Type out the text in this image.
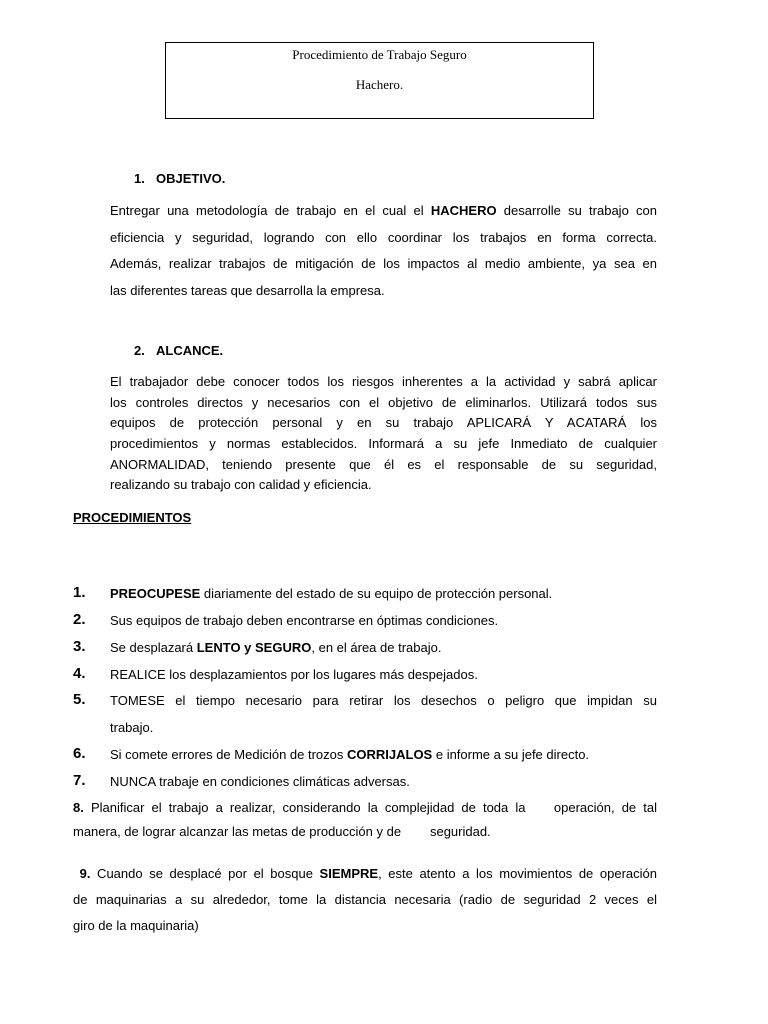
Procedimiento de Trabajo Seguro
Hachero.
1. OBJETIVO.
Entregar una metodología de trabajo en el cual el HACHERO desarrolle su trabajo con
eficiencia y seguridad, logrando con ello coordinar los trabajos en forma correcta.
Además, realizar trabajos de mitigación de los impactos al medio ambiente, ya sea en
las diferentes tareas que desarrolla la empresa.
2. ALCANCE.
El trabajador debe conocer todos los riesgos inherentes a la actividad y sabrá aplicar
los controles directos y necesarios con el objetivo de eliminarlos. Utilizará todos sus
equipos de protección personal y en su trabajo APLICARÁ Y ACATARÁ los
procedimientos y normas establecidos. Informará a su jefe Inmediato de cualquier
ANORMALIDAD, teniendo presente que él es el responsable de su seguridad,
realizando su trabajo con calidad y eficiencia.
PROCEDIMIENTOS
1. PREOCUPESE diariamente del estado de su equipo de protección personal.
2. Sus equipos de trabajo deben encontrarse en óptimas condiciones.
3. Se desplazará LENTO y SEGURO, en el área de trabajo.
4. REALICE los desplazamientos por los lugares más despejados.
5. TOMESE el tiempo necesario para retirar los desechos o peligro que impidan su
trabajo.
6. Si comete errores de Medición de trozos CORRIJALOS e informe a su jefe directo.
7. NUNCA trabaje en condiciones climáticas adversas.
8. Planificar el trabajo a realizar, considerando la complejidad de toda la    operación, de tal
manera, de lograr alcanzar las metas de producción y de        seguridad.
9. Cuando se desplacé por el bosque SIEMPRE, este atento a los movimientos de operación
de maquinarias a su alrededor, tome la distancia necesaria (radio de seguridad 2 veces el
giro de la maquinaria)
